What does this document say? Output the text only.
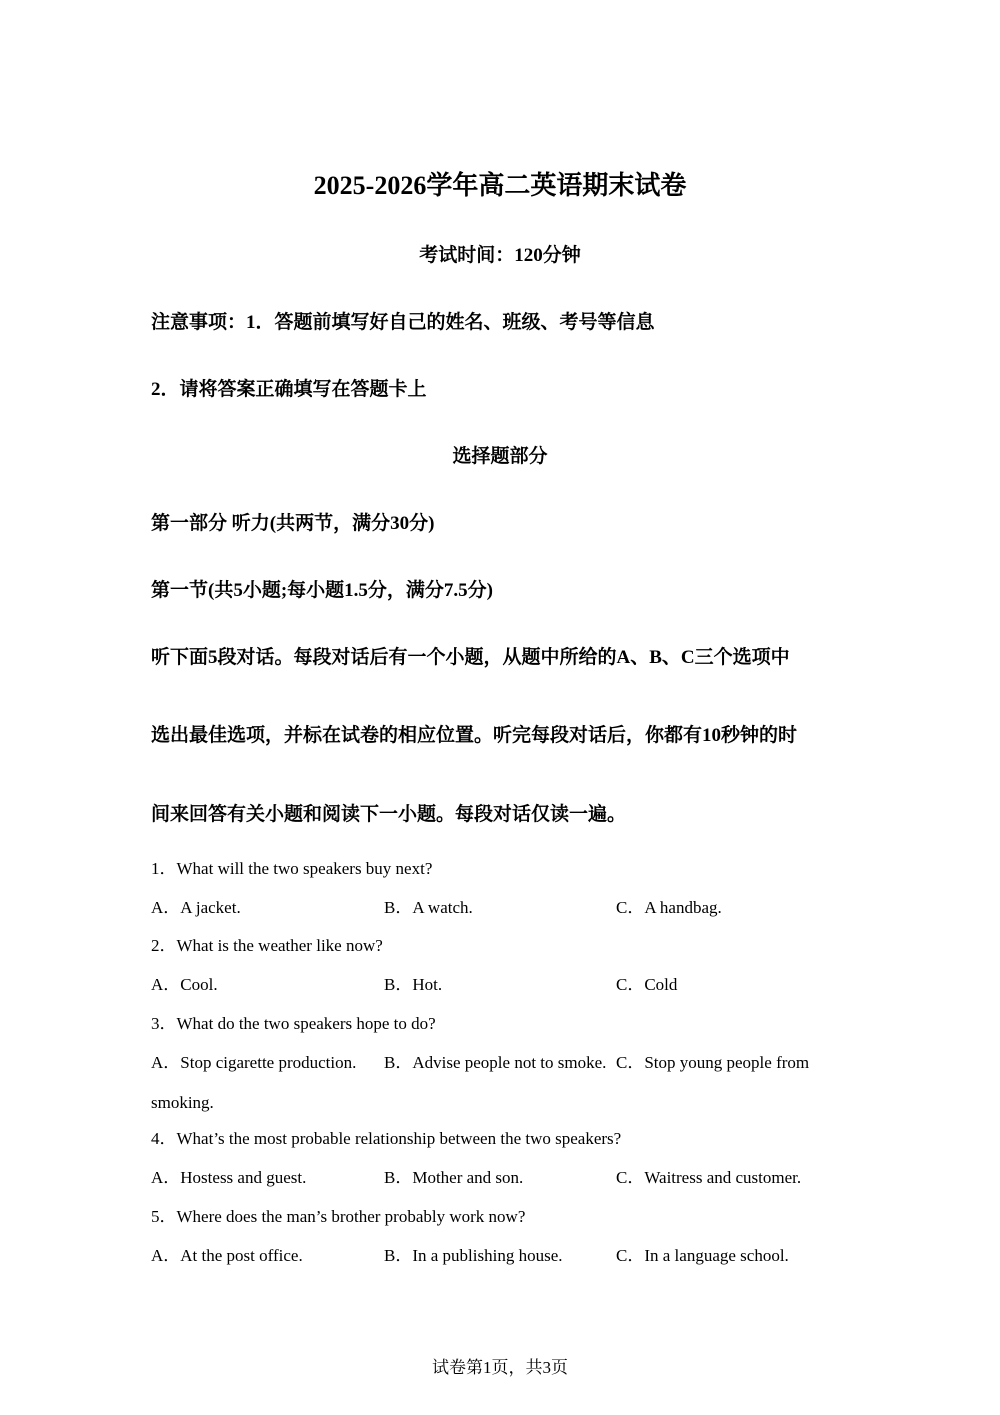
2025-2026学年高二英语期末试卷
考试时间：120分钟
注意事项：1．答题前填写好自己的姓名、班级、考号等信息
2．请将答案正确填写在答题卡上
选择题部分
第一部分 听力(共两节，满分30分)
第一节(共5小题;每小题1.5分，满分7.5分)
听下面5段对话。每段对话后有一个小题，从题中所给的A、B、C三个选项中
选出最佳选项，并标在试卷的相应位置。听完每段对话后，你都有10秒钟的时
间来回答有关小题和阅读下一小题。每段对话仅读一遍。
1．What will the two speakers buy next?
A．A jacket.	B．A watch.	C．A handbag.
2．What is the weather like now?
A．Cool.	B．Hot.	C．Cold
3．What do the two speakers hope to do?
A．Stop cigarette production. B．Advise people not to smoke. C．Stop young people from
smoking.
4．What’s the most probable relationship between the two speakers?
A．Hostess and guest.	B．Mother and son.	C．Waitress and customer.
5．Where does the man’s brother probably work now?
A．At the post office.	B．In a publishing house.	C．In a language school.
试卷第1页，共3页
